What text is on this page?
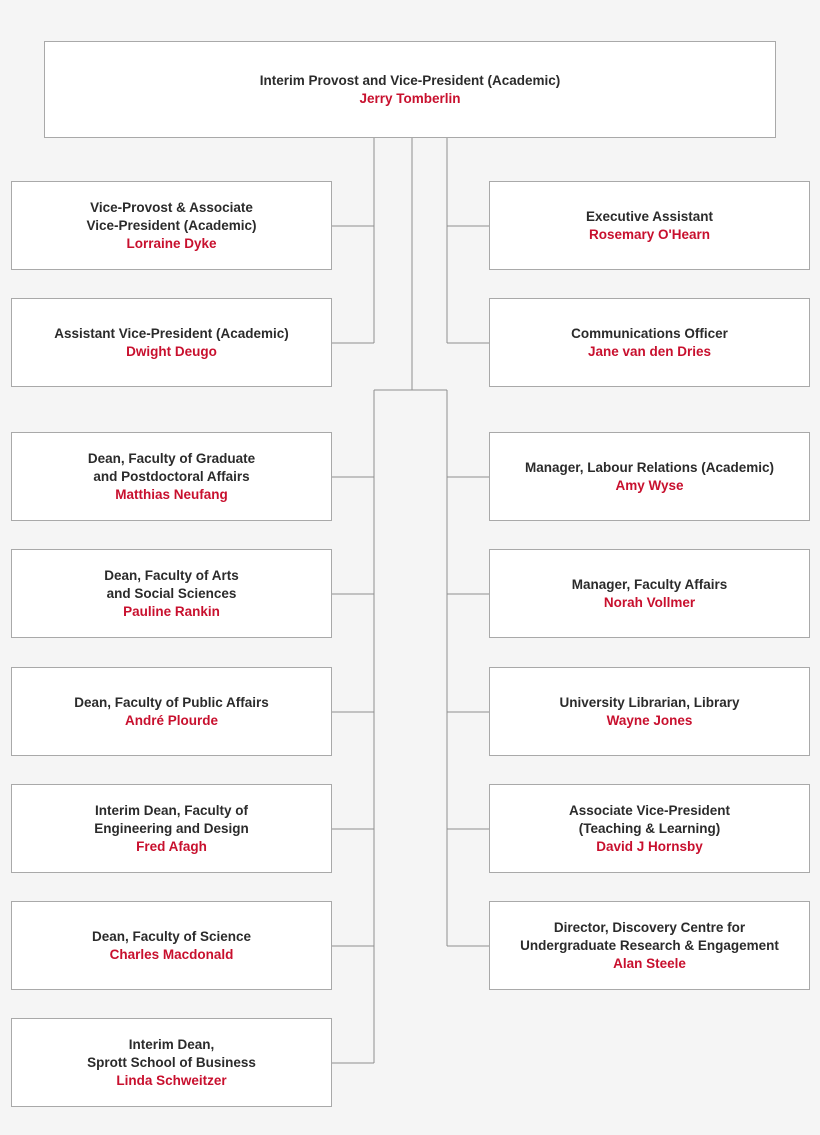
Interim Provost and Vice-President (Academic)
Jerry Tomberlin
Vice-Provost & Associate
Vice-President (Academic)
Lorraine Dyke
Assistant Vice-President (Academic)
Dwight Deugo
Executive Assistant
Rosemary O'Hearn
Communications Officer
Jane van den Dries
Dean, Faculty of Graduate
and Postdoctoral Affairs
Matthias Neufang
Dean, Faculty of Arts
and Social Sciences
Pauline Rankin
Dean, Faculty of Public Affairs
André Plourde
Interim Dean, Faculty of
Engineering and Design
Fred Afagh
Dean, Faculty of Science
Charles Macdonald
Interim Dean,
Sprott School of Business
Linda Schweitzer
Manager, Labour Relations (Academic)
Amy Wyse
Manager, Faculty Affairs
Norah Vollmer
University Librarian, Library
Wayne Jones
Associate Vice-President
(Teaching & Learning)
David J Hornsby
Director, Discovery Centre for
Undergraduate Research & Engagement
Alan Steele
